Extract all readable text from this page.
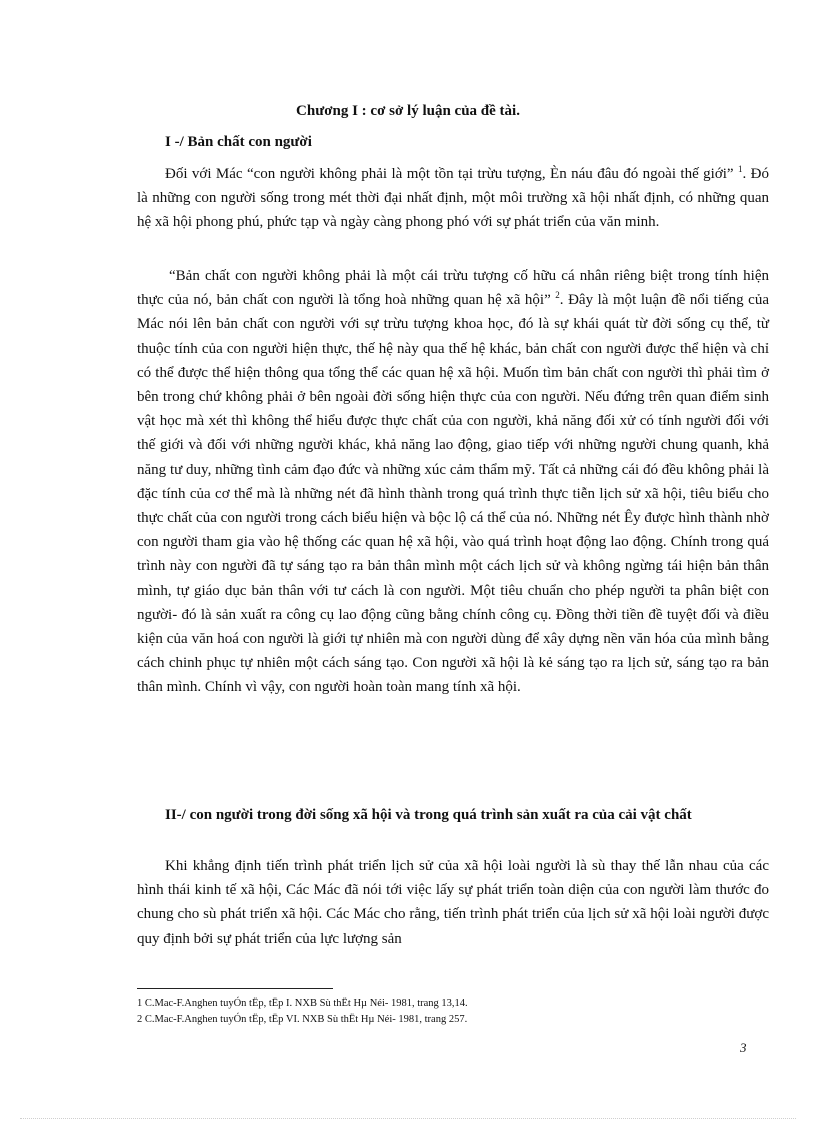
Chương I : cơ sở lý luận của đề tài.
I -/ Bản chất con người

Đối với Mác “con người không phải là một tồn tại trừu tượng, Èn náu đâu đó ngoài thế giới” $^1$. Đó là những con người sống trong mét thời đại nhất định, một môi trường xã hội nhất định, có những quan hệ xã hội phong phú, phức tạp và ngày càng phong phó với sự phát triển của văn minh.

“Bản chất con người không phải là một cái trừu tượng cố hữu cá nhân riêng biệt trong tính hiện thực của nó, bản chất con người là tổng hoà những quan hệ xã hội” $^2$. Đây là một luận đề nổi tiếng của Mác nói lên bản chất con người với sự trừu tượng khoa học, đó là sự khái quát từ đời sống cụ thể, từ thuộc tính của con người hiện thực, thế hệ này qua thế hệ khác, bản chất con người được thể hiện và chỉ có thể được thể hiện thông qua tổng thể các quan hệ xã hội. Muốn tìm bản chất con người thì phải tìm ở bên trong chứ không phải ở bên ngoài đời sống hiện thực của con người. Nếu đứng trên quan điểm sinh vật học mà xét thì không thể hiểu được thực chất của con người, khả năng đối xử có tính người đối với thế giới và đối với những người khác, khả năng lao động, giao tiếp với những người chung quanh, khả năng tư duy, những tình cảm đạo đức và những xúc cảm thẩm mỹ. Tất cả những cái đó đều không phải là đặc tính của cơ thể mà là những nét đã hình thành trong quá trình thực tiễn lịch sử xã hội, tiêu biểu cho thực chất của con người trong cách biểu hiện và bộc lộ cá thể của nó. Những nét Êy được hình thành nhờ con người tham gia vào hệ thống các quan hệ xã hội, vào quá trình hoạt động lao động. Chính trong quá trình này con người đã tự sáng tạo ra bản thân mình một cách lịch sử và không ngừng tái hiện bản thân mình, tự giáo dục bản thân với tư cách là con người. Một tiêu chuẩn cho phép người ta phân biệt con người- đó là sản xuất ra công cụ lao động cũng bằng chính công cụ. Đồng thời tiền đề tuyệt đối và điều kiện của văn hoá con người là giới tự nhiên mà con người dùng để xây dựng nền văn hóa của mình bằng cách chinh phục tự nhiên một cách sáng tạo. Con người xã hội là kẻ sáng tạo ra lịch sử, sáng tạo ra bản thân mình. Chính vì vậy, con người hoàn toàn mang tính xã hội.

II-/ con người trong đời sống xã hội và trong quá trình sản xuất ra của cải vật chất

Khi khẳng định tiến trình phát triển lịch sử của xã hội loài người là sù thay thế lẫn nhau của các hình thái kinh tế xã hội, Các Mác đã nói tới việc lấy sự phát triển toàn diện của con người làm thước đo chung cho sù phát triển xã hội. Các Mác cho rằng, tiến trình phát triển của lịch sử xã hội loài người được quy định bởi sự phát triển của lực lượng sản

1 C.Mac-F.Anghen tuyÓn tËp, tËp I. NXB Sù thËt Hµ Néi- 1981, trang 13,14.

2 C.Mac-F.Anghen tuyÓn tËp, tËp VI. NXB Sù thËt Hµ Néi- 1981, trang 257.

3
